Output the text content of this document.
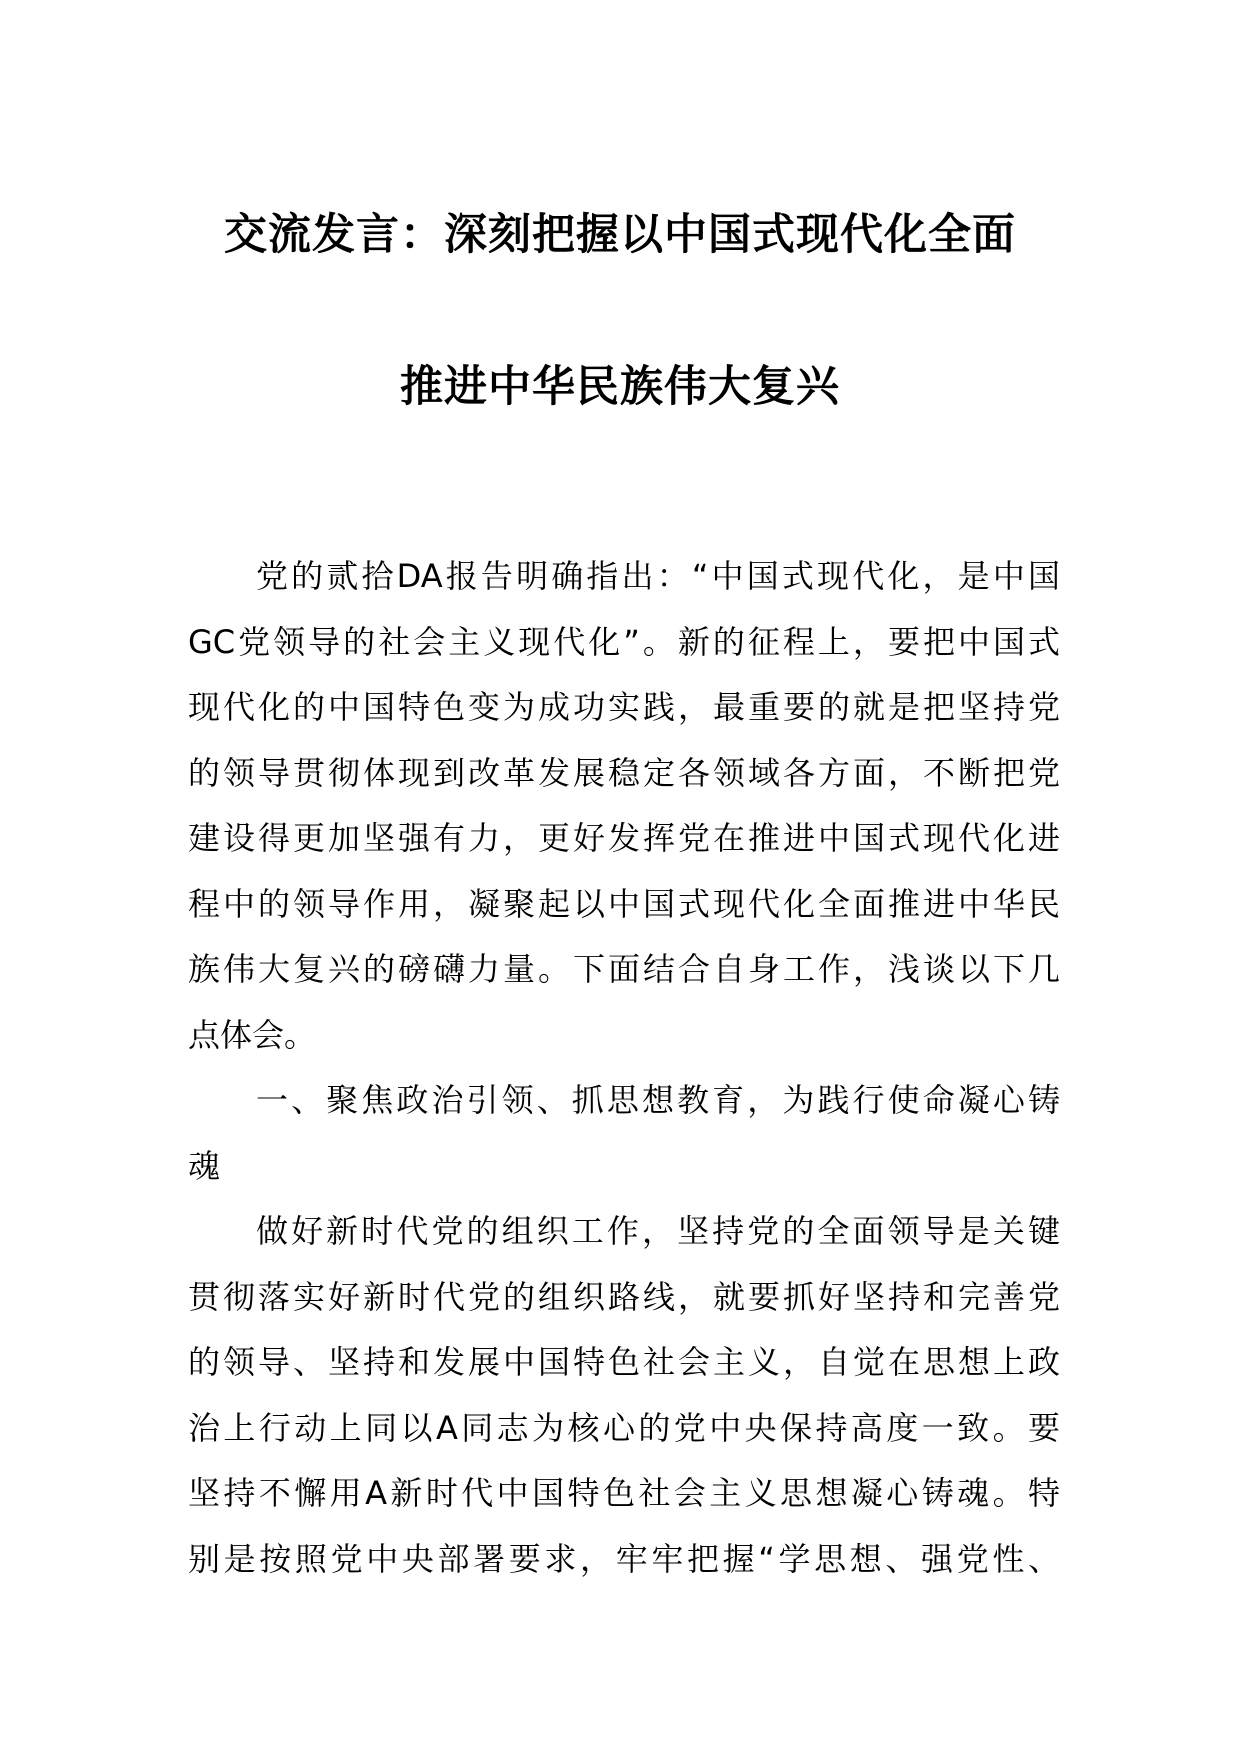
交流发言：深刻把握以中国式现代化全面
推进中华民族伟大复兴
党的贰拾DA报告明确指出：“中国式现代化，是中国
GC党领导的社会主义现代化”。新的征程上，要把中国式
现代化的中国特色变为成功实践，最重要的就是把坚持党
的领导贯彻体现到改革发展稳定各领域各方面，不断把党
建设得更加坚强有力，更好发挥党在推进中国式现代化进
程中的领导作用，凝聚起以中国式现代化全面推进中华民
族伟大复兴的磅礴力量。下面结合自身工作，浅谈以下几
点体会。
一、聚焦政治引领、抓思想教育，为践行使命凝心铸
魂
做好新时代党的组织工作，坚持党的全面领导是关键
贯彻落实好新时代党的组织路线，就要抓好坚持和完善党
的领导、坚持和发展中国特色社会主义，自觉在思想上政
治上行动上同以A同志为核心的党中央保持高度一致。要
坚持不懈用A新时代中国特色社会主义思想凝心铸魂。特
别是按照党中央部署要求，牢牢把握“学思想、强党性、
